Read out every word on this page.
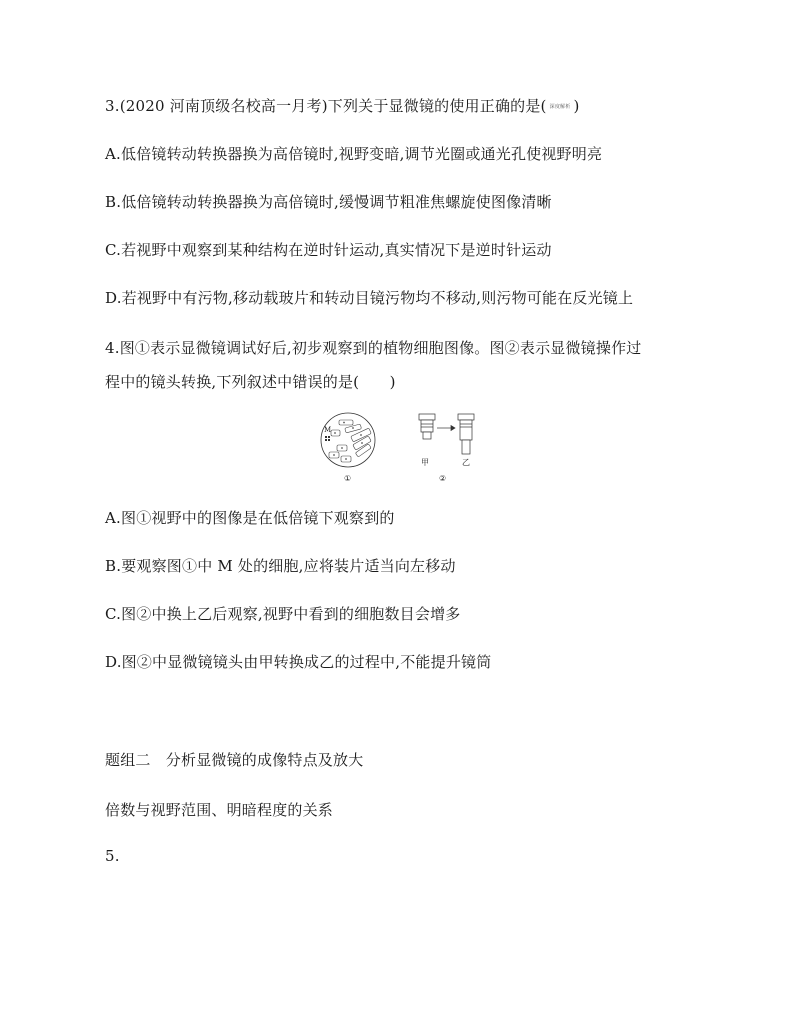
3.(2020 河南顶级名校高一月考)下列关于显微镜的使用正确的是( 深度解析 )
A.低倍镜转动转换器换为高倍镜时,视野变暗,调节光圈或通光孔使视野明亮
B.低倍镜转动转换器换为高倍镜时,缓慢调节粗准焦螺旋使图像清晰
C.若视野中观察到某种结构在逆时针运动,真实情况下是逆时针运动
D.若视野中有污物,移动载玻片和转动目镜污物均不移动,则污物可能在反光镜上
4.图①表示显微镜调试好后,初步观察到的植物细胞图像。图②表示显微镜操作过
程中的镜头转换,下列叙述中错误的是(　　)
M
①
甲	乙
②
A.图①视野中的图像是在低倍镜下观察到的
B.要观察图①中 M 处的细胞,应将装片适当向左移动
C.图②中换上乙后观察,视野中看到的细胞数目会增多
D.图②中显微镜镜头由甲转换成乙的过程中,不能提升镜筒
题组二　分析显微镜的成像特点及放大
倍数与视野范围、明暗程度的关系
5.
